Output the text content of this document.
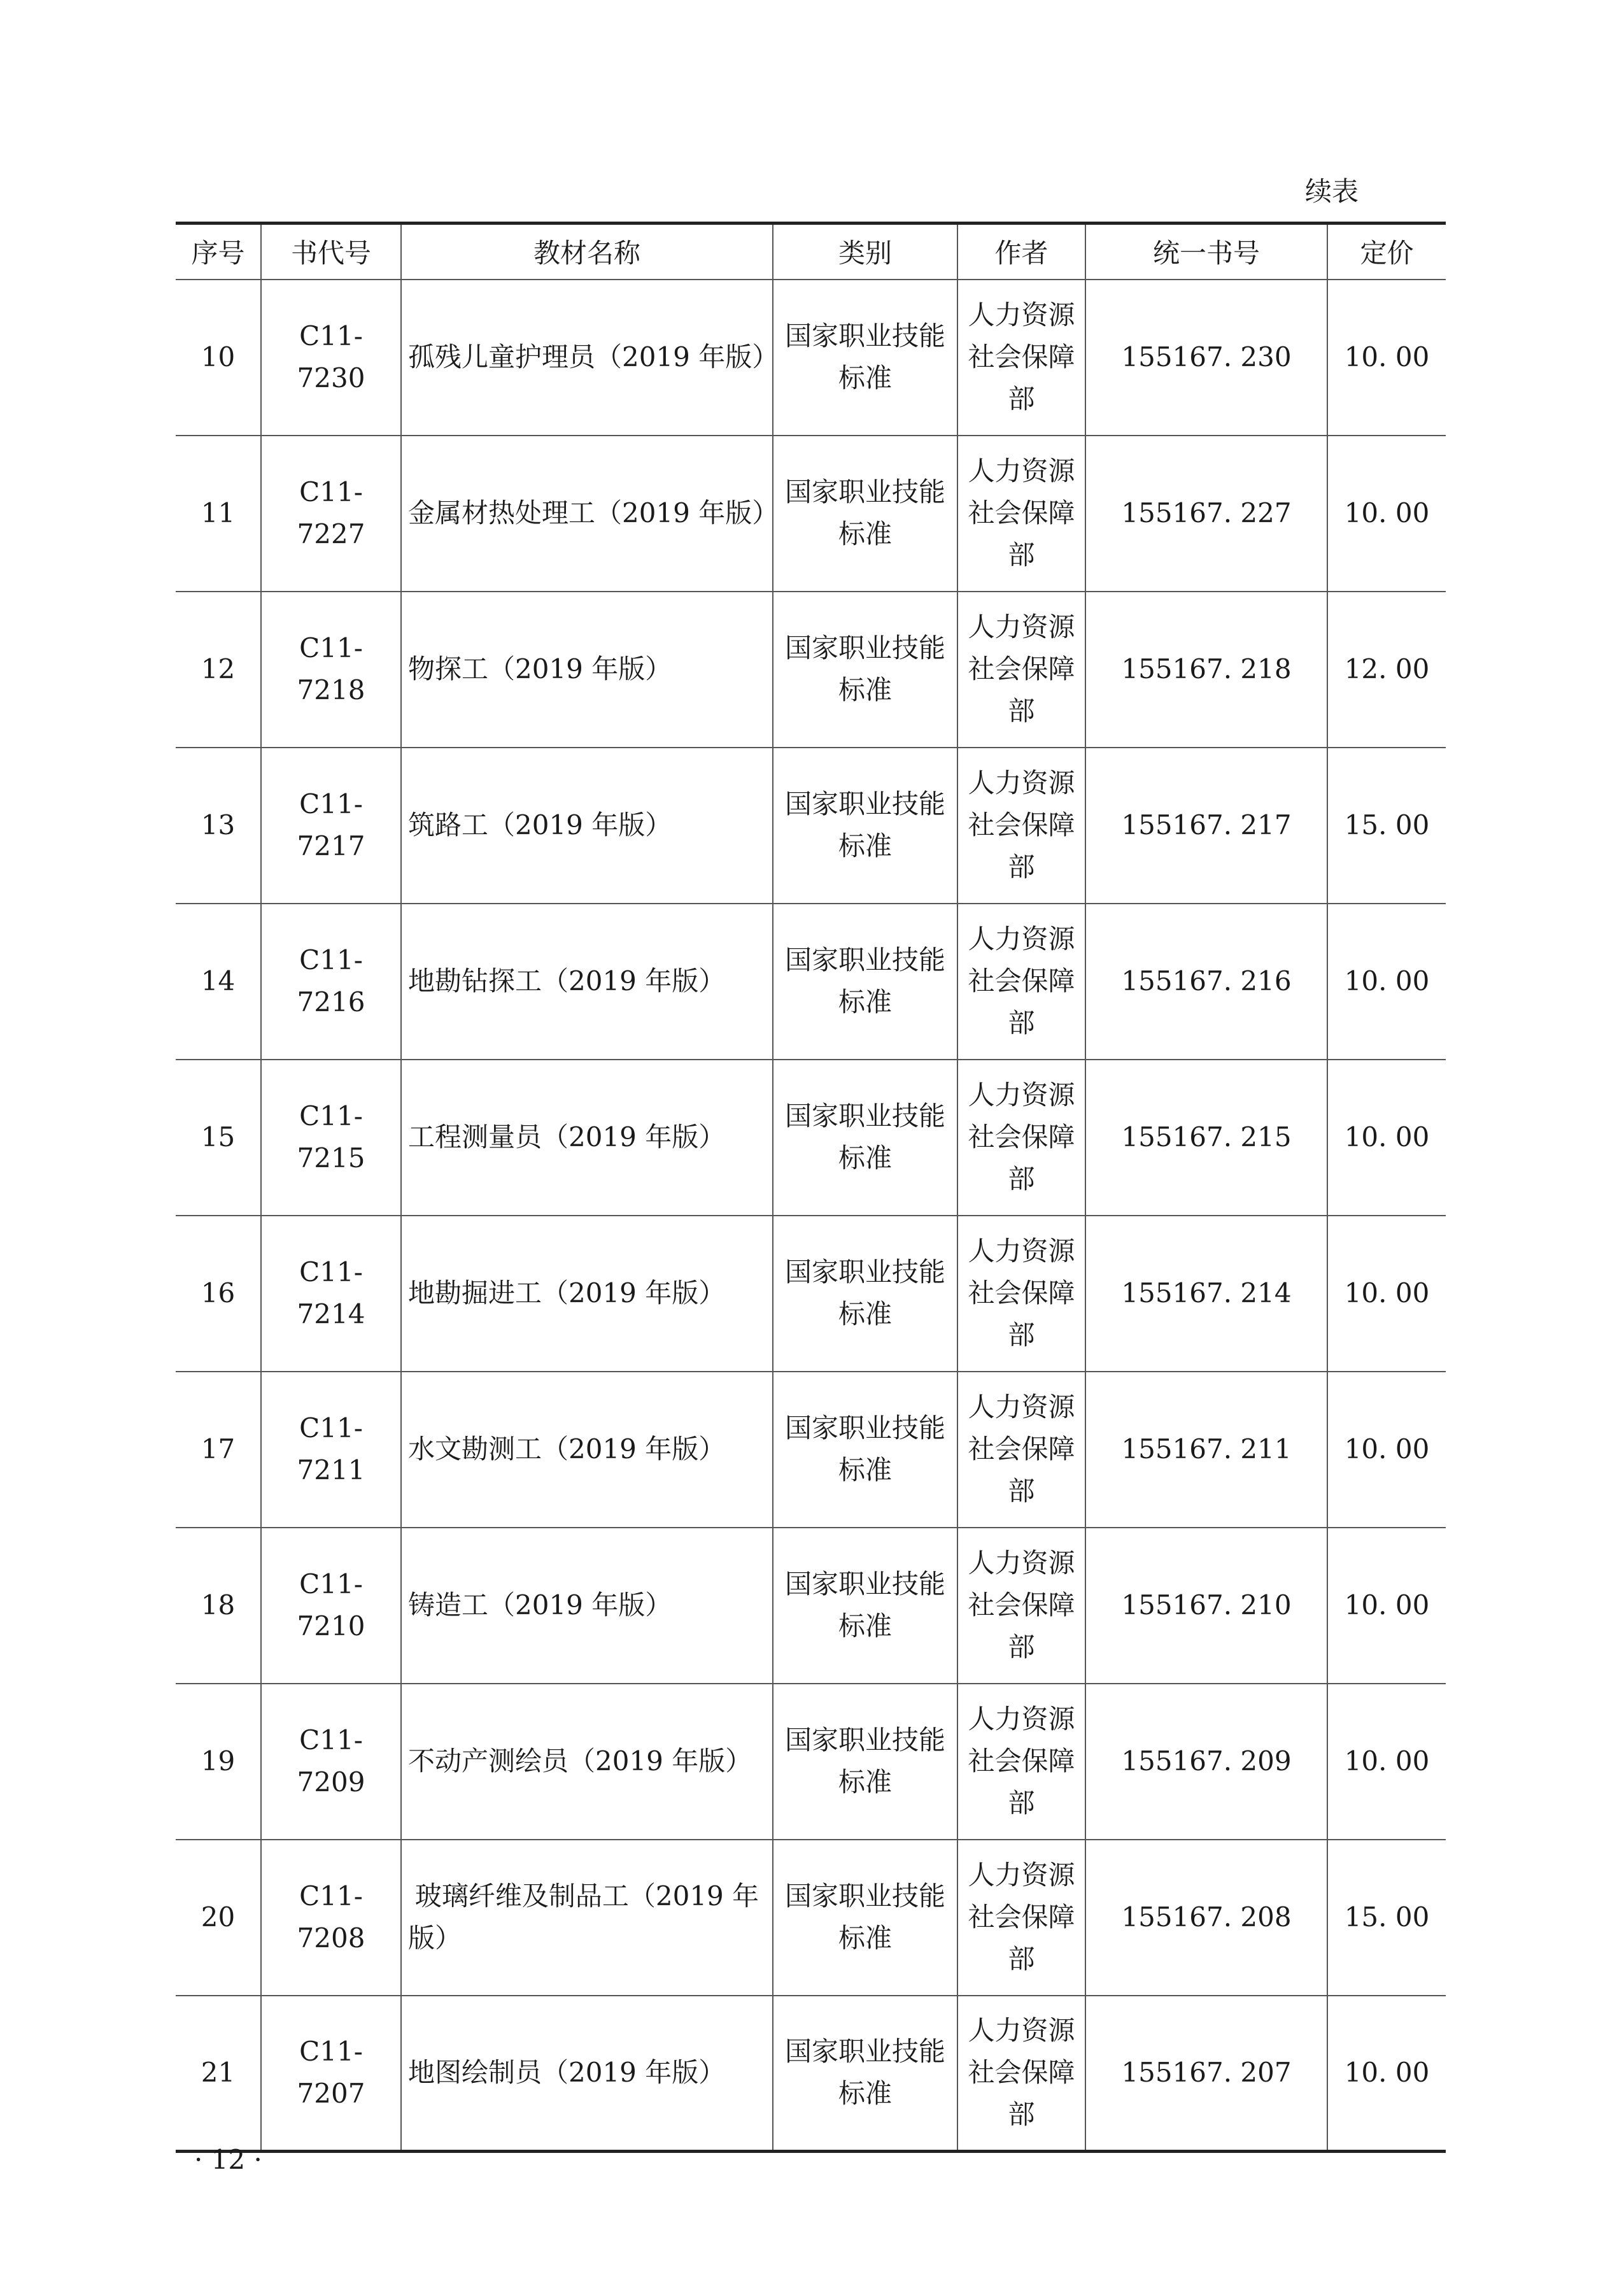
续表
序号	书代号	教材名称	类别	作者	统一书号	定价
10	C11-7230	孤残儿童护理员（2019 年版）	国家职业技能标准	人力资源社会保障部	155167. 230	10. 00
11	C11-7227	金属材热处理工（2019 年版）	国家职业技能标准	人力资源社会保障部	155167. 227	10. 00
12	C11-7218	物探工（2019 年版）	国家职业技能标准	人力资源社会保障部	155167. 218	12. 00
13	C11-7217	筑路工（2019 年版）	国家职业技能标准	人力资源社会保障部	155167. 217	15. 00
14	C11-7216	地勘钻探工（2019 年版）	国家职业技能标准	人力资源社会保障部	155167. 216	10. 00
15	C11-7215	工程测量员（2019 年版）	国家职业技能标准	人力资源社会保障部	155167. 215	10. 00
16	C11-7214	地勘掘进工（2019 年版）	国家职业技能标准	人力资源社会保障部	155167. 214	10. 00
17	C11-7211	水文勘测工（2019 年版）	国家职业技能标准	人力资源社会保障部	155167. 211	10. 00
18	C11-7210	铸造工（2019 年版）	国家职业技能标准	人力资源社会保障部	155167. 210	10. 00
19	C11-7209	不动产测绘员（2019 年版）	国家职业技能标准	人力资源社会保障部	155167. 209	10. 00
20	C11-7208	玻璃纤维及制品工（2019 年版）	国家职业技能标准	人力资源社会保障部	155167. 208	15. 00
21	C11-7207	地图绘制员（2019 年版）	国家职业技能标准	人力资源社会保障部	155167. 207	10. 00
· 12 ·
